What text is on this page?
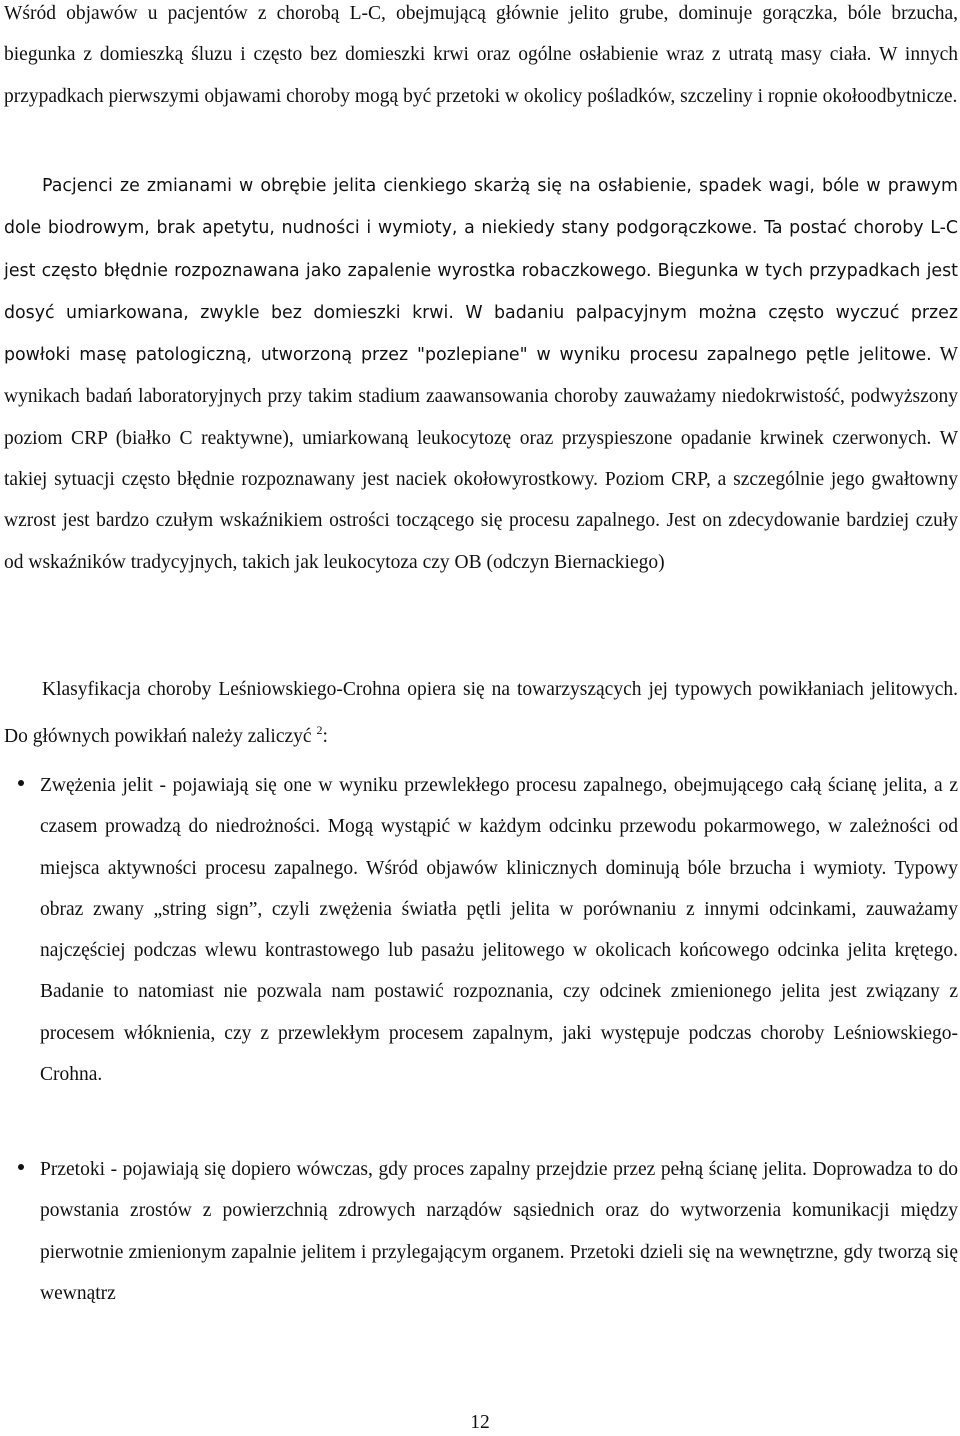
Wśród objawów u pacjentów z chorobą L-C, obejmującą głównie jelito grube, dominuje gorączka, bóle brzucha, biegunka z domieszką śluzu i często bez domieszki krwi oraz ogólne osłabienie wraz z utratą masy ciała. W innych przypadkach pierwszymi objawami choroby mogą być przetoki w okolicy pośladków, szczeliny i ropnie okołoodbytnicze.

Pacjenci ze zmianami w obrębie jelita cienkiego skarżą się na osłabienie, spadek wagi, bóle w prawym dole biodrowym, brak apetytu, nudności i wymioty, a niekiedy stany podgorączkowe. Ta postać choroby L-C jest często błędnie rozpoznawana jako zapalenie wyrostka robaczkowego. Biegunka w tych przypadkach jest dosyć umiarkowana, zwykle bez domieszki krwi. W badaniu palpacyjnym można często wyczuć przez powłoki masę patologiczną, utworzoną przez "pozlepiane" w wyniku procesu zapalnego pętle jelitowe. W wynikach badań laboratoryjnych przy takim stadium zaawansowania choroby zauważamy niedokrwistość, podwyższony poziom CRP (białko C reaktywne), umiarkowaną leukocytozę oraz przyspieszone opadanie krwinek czerwonych. W takiej sytuacji często błędnie rozpoznawany jest naciek okołowyrostkowy. Poziom CRP, a szczególnie jego gwałtowny wzrost jest bardzo czułym wskaźnikiem ostrości toczącego się procesu zapalnego. Jest on zdecydowanie bardziej czuły od wskaźników tradycyjnych, takich jak leukocytoza czy OB (odczyn Biernackiego)

Klasyfikacja choroby Leśniowskiego-Crohna opiera się na towarzyszących jej typowych powikłaniach jelitowych. Do głównych powikłań należy zaliczyć $^2$:

Zwężenia jelit - pojawiają się one w wyniku przewlekłego procesu zapalnego, obejmującego całą ścianę jelita, a z czasem prowadzą do niedrożności. Mogą wystąpić w każdym odcinku przewodu pokarmowego, w zależności od miejsca aktywności procesu zapalnego. Wśród objawów klinicznych dominują bóle brzucha i wymioty. Typowy obraz zwany „string sign”, czyli zwężenia światła pętli jelita w porównaniu z innymi odcinkami, zauważamy najczęściej podczas wlewu kontrastowego lub pasażu jelitowego w okolicach końcowego odcinka jelita krętego. Badanie to natomiast nie pozwala nam postawić rozpoznania, czy odcinek zmienionego jelita jest związany z procesem włóknienia, czy z przewlekłym procesem zapalnym, jaki występuje podczas choroby Leśniowskiego-Crohna.

Przetoki - pojawiają się dopiero wówczas, gdy proces zapalny przejdzie przez pełną ścianę jelita. Doprowadza to do powstania zrostów z powierzchnią zdrowych narządów sąsiednich oraz do wytworzenia komunikacji między pierwotnie zmienionym zapalnie jelitem i przylegającym organem. Przetoki dzieli się na wewnętrzne, gdy tworzą się wewnątrz

12
